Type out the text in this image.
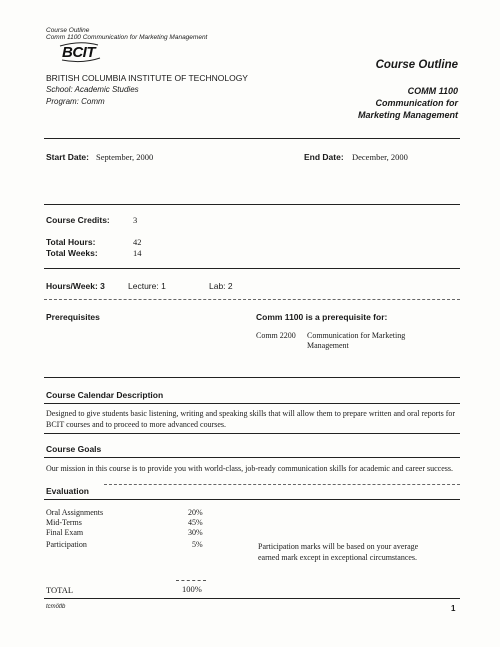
Course Outline
Comm 1100 Communication for Marketing Management
BCIT
BRITISH COLUMBIA INSTITUTE OF TECHNOLOGY
School: Academic Studies
Program: Comm
Course Outline
COMM 1100
Communication for
Marketing Management
Start Date: September, 2000	End Date: December, 2000
Course Credits:	3
Total Hours:	42
Total Weeks:	14
Hours/Week: 3	Lecture: 1	Lab: 2
Prerequisites	Comm 1100 is a prerequisite for:
Comm 2200 Communication for Marketing
Management
Course Calendar Description
Designed to give students basic listening, writing and speaking skills that will allow them to prepare written and oral reports for BCIT courses and to proceed to more advanced courses.
Course Goals
Our mission in this course is to provide you with world-class, job-ready communication skills for academic and career success.
Evaluation
Oral Assignments	20%
Mid-Terms	45%
Final Exam	30%
Participation	5%	Participation marks will be based on your average
earned mark except in exceptional circumstances.
TOTAL	100%
tcmötlb	1
